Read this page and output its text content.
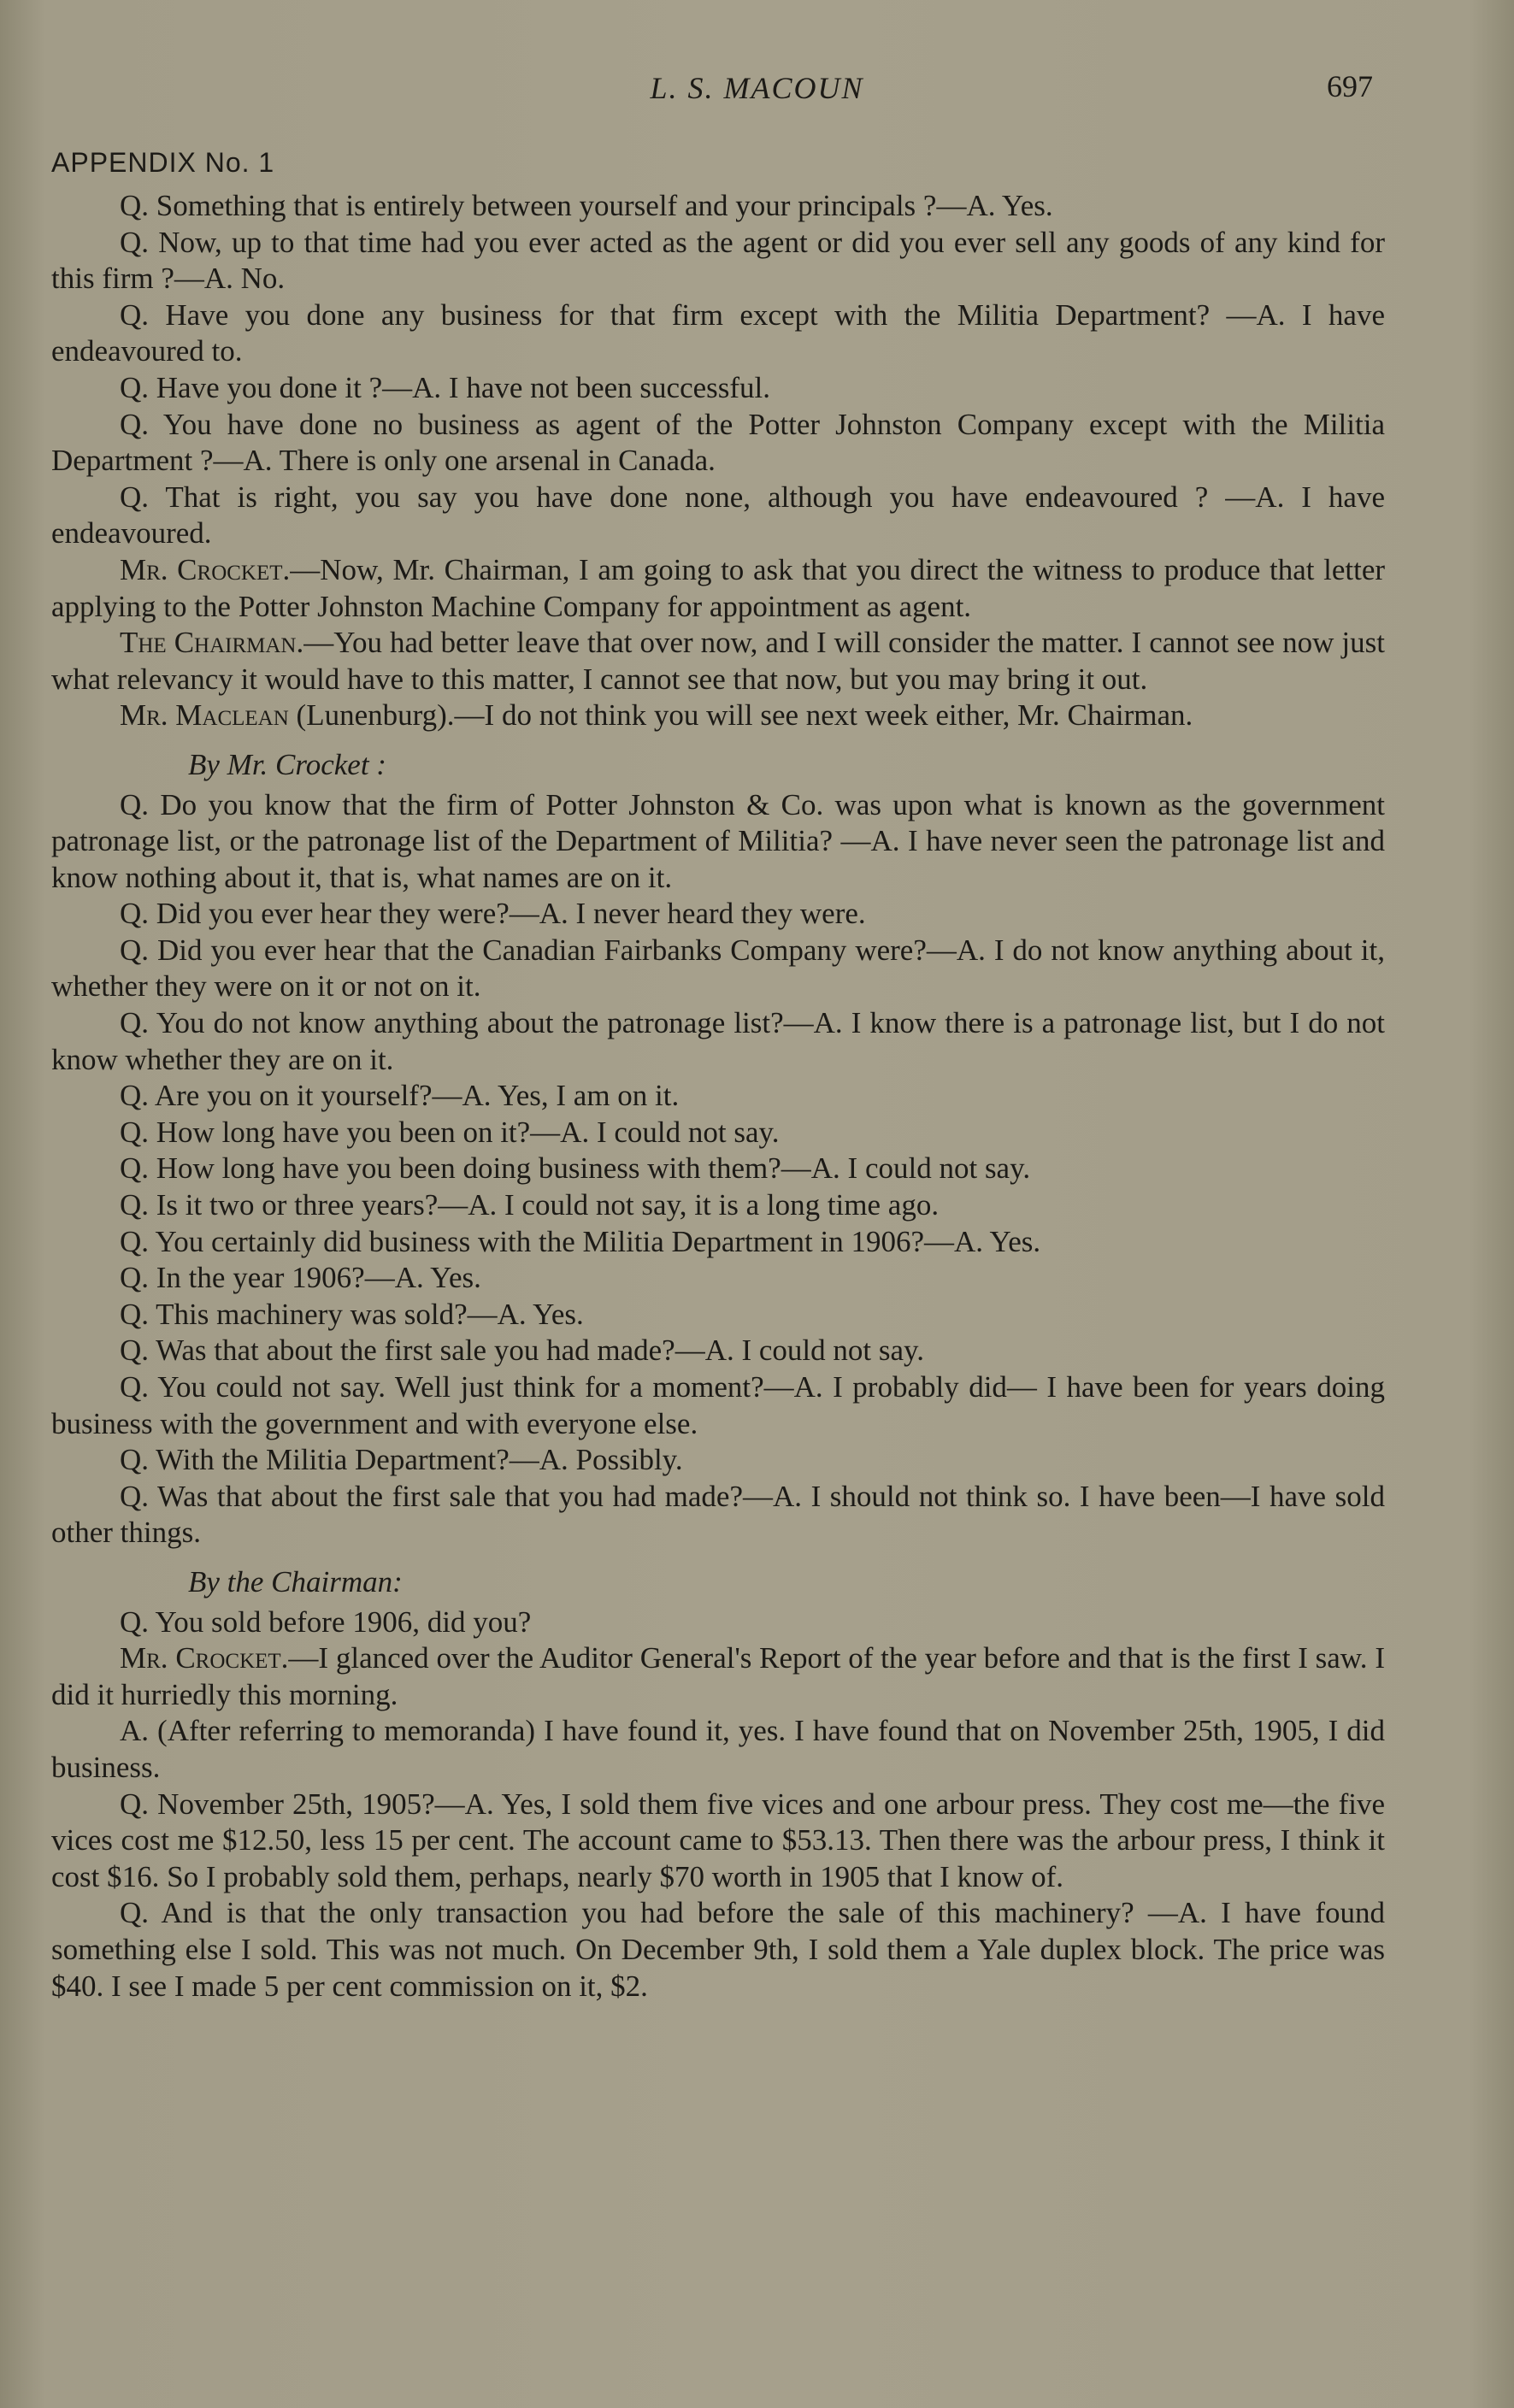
L. S. MACOUN	697
APPENDIX No. 1

Q. Something that is entirely between yourself and your principals ?—A. Yes.

Q. Now, up to that time had you ever acted as the agent or did you ever sell any goods of any kind for this firm ?—A. No.

Q. Have you done any business for that firm except with the Militia Department? —A. I have endeavoured to.

Q. Have you done it ?—A. I have not been successful.

Q. You have done no business as agent of the Potter Johnston Company except with the Militia Department ?—A. There is only one arsenal in Canada.

Q. That is right, you say you have done none, although you have endeavoured ? —A. I have endeavoured.

Mr. Crocket.—Now, Mr. Chairman, I am going to ask that you direct the witness to produce that letter applying to the Potter Johnston Machine Company for appointment as agent.

The Chairman.—You had better leave that over now, and I will consider the matter. I cannot see now just what relevancy it would have to this matter, I cannot see that now, but you may bring it out.

Mr. Maclean (Lunenburg).—I do not think you will see next week either, Mr. Chairman.

By Mr. Crocket :

Q. Do you know that the firm of Potter Johnston & Co. was upon what is known as the government patronage list, or the patronage list of the Department of Militia? —A. I have never seen the patronage list and know nothing about it, that is, what names are on it.

Q. Did you ever hear they were?—A. I never heard they were.

Q. Did you ever hear that the Canadian Fairbanks Company were?—A. I do not know anything about it, whether they were on it or not on it.

Q. You do not know anything about the patronage list?—A. I know there is a patronage list, but I do not know whether they are on it.

Q. Are you on it yourself?—A. Yes, I am on it.

Q. How long have you been on it?—A. I could not say.

Q. How long have you been doing business with them?—A. I could not say.

Q. Is it two or three years?—A. I could not say, it is a long time ago.

Q. You certainly did business with the Militia Department in 1906?—A. Yes.

Q. In the year 1906?—A. Yes.

Q. This machinery was sold?—A. Yes.

Q. Was that about the first sale you had made?—A. I could not say.

Q. You could not say. Well just think for a moment?—A. I probably did— I have been for years doing business with the government and with everyone else.

Q. With the Militia Department?—A. Possibly.

Q. Was that about the first sale that you had made?—A. I should not think so. I have been—I have sold other things.

By the Chairman:

Q. You sold before 1906, did you?

Mr. Crocket.—I glanced over the Auditor General's Report of the year before and that is the first I saw. I did it hurriedly this morning.

A. (After referring to memoranda) I have found it, yes. I have found that on November 25th, 1905, I did business.

Q. November 25th, 1905?—A. Yes, I sold them five vices and one arbour press. They cost me—the five vices cost me $12.50, less 15 per cent. The account came to $53.13. Then there was the arbour press, I think it cost $16. So I probably sold them, perhaps, nearly $70 worth in 1905 that I know of.

Q. And is that the only transaction you had before the sale of this machinery? —A. I have found something else I sold. This was not much. On December 9th, I sold them a Yale duplex block. The price was $40. I see I made 5 per cent commission on it, $2.
